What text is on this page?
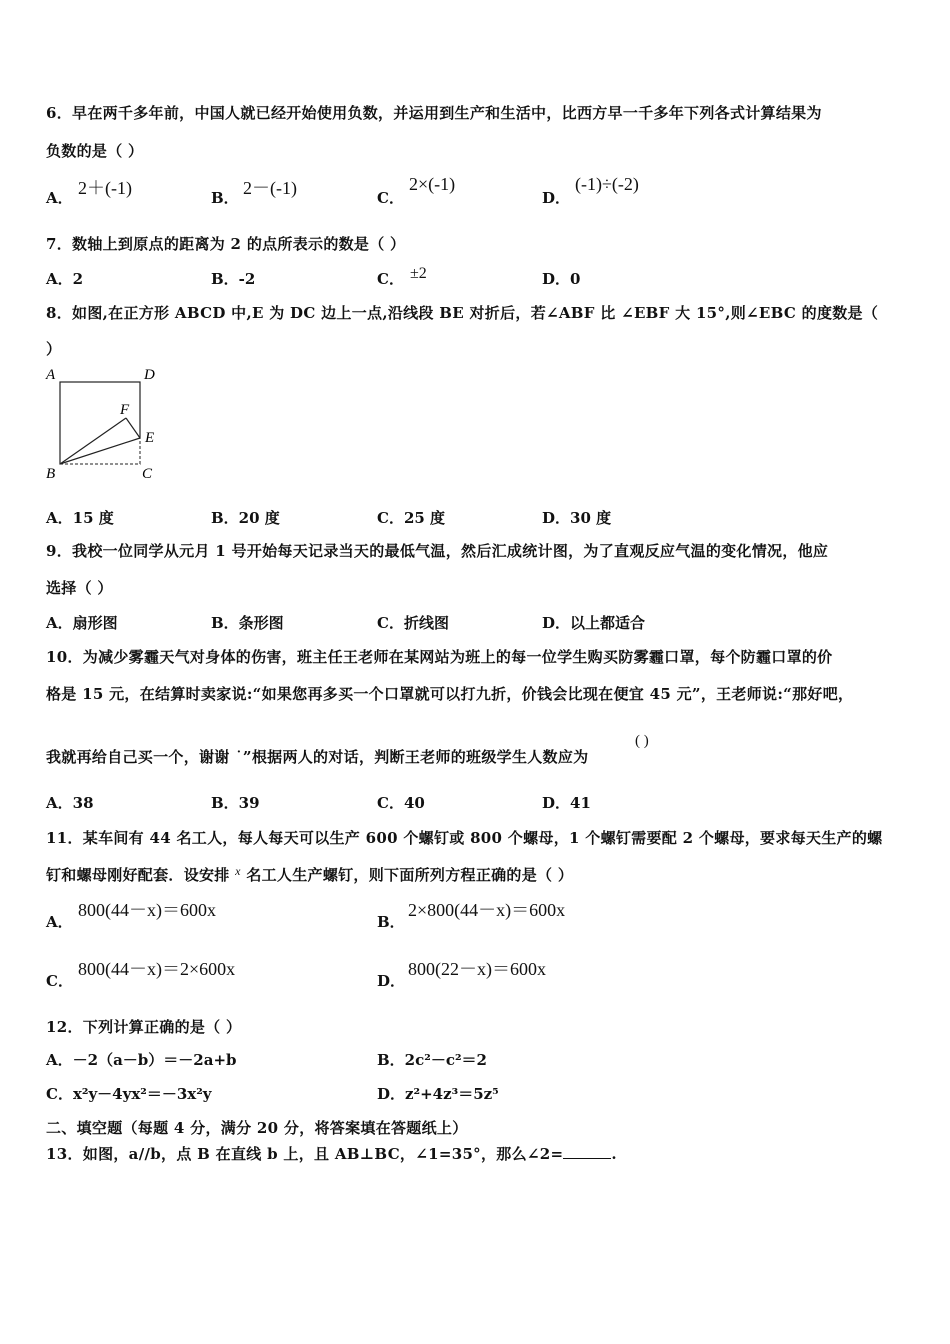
6．早在两千多年前，中国人就已经开始使用负数，并运用到生产和生活中，比西方早一千多年下列各式计算结果为
负数的是（ ）
A． 2＋(‑1)	B． 2－(‑1)	C．
2×(‑1)
D．
(‑1)÷(‑2)
7．数轴上到原点的距离为 2 的点所表示的数是（ ）
A．2	B．-2	C． ±2	D．0
8．如图,在正方形 ABCD 中,E 为 DC 边上一点,沿线段 BE 对折后，若∠ABF 比 ∠EBF 大 15°,则∠EBC 的度数是（
）
A	D
F
E
B	C
A．15 度	B．20 度	C．25 度	D．30 度
9．我校一位同学从元月 1 号开始每天记录当天的最低气温，然后汇成统计图，为了直观反应气温的变化情况，他应
选择（ ）
A．扇形图	B．条形图	C．折线图	D．以上都适合
10．为减少雾霾天气对身体的伤害，班主任王老师在某网站为班上的每一位学生购买防雾霾口罩，每个防霾口罩的价
格是 15 元，在结算时卖家说:“如果您再多买一个口罩就可以打九折，价钱会比现在便宜 45 元”，王老师说:“那好吧，
我就再给自己买一个，谢谢 ˙”根据两人的对话，判断王老师的班级学生人数应为
( )
A．38	B．39	C．40	D．41
11．某车间有 44 名工人，每人每天可以生产 600 个螺钉或 800 个螺母，1 个螺钉需要配 2 个螺母，要求每天生产的螺
钉和螺母刚好配套．设安排 $^x$ 名工人生产螺钉，则下面所列方程正确的是（ ）
A．
800(44－x)＝600x
B．
2×800(44－x)＝600x
C．
800(44－x)＝2×600x
D．
800(22－x)＝600x
12．下列计算正确的是（ ）
A．－2（a－b）＝－2a+b	B．2c²－c²＝2
C．x²y－4yx²＝－3x²y	D．z²+4z³＝5z⁵
二、填空题（每题 4 分，满分 20 分，将答案填在答题纸上）
13．如图，a//b，点 B 在直线 b 上，且 AB⊥BC，∠1=35°，那么∠2=	.
